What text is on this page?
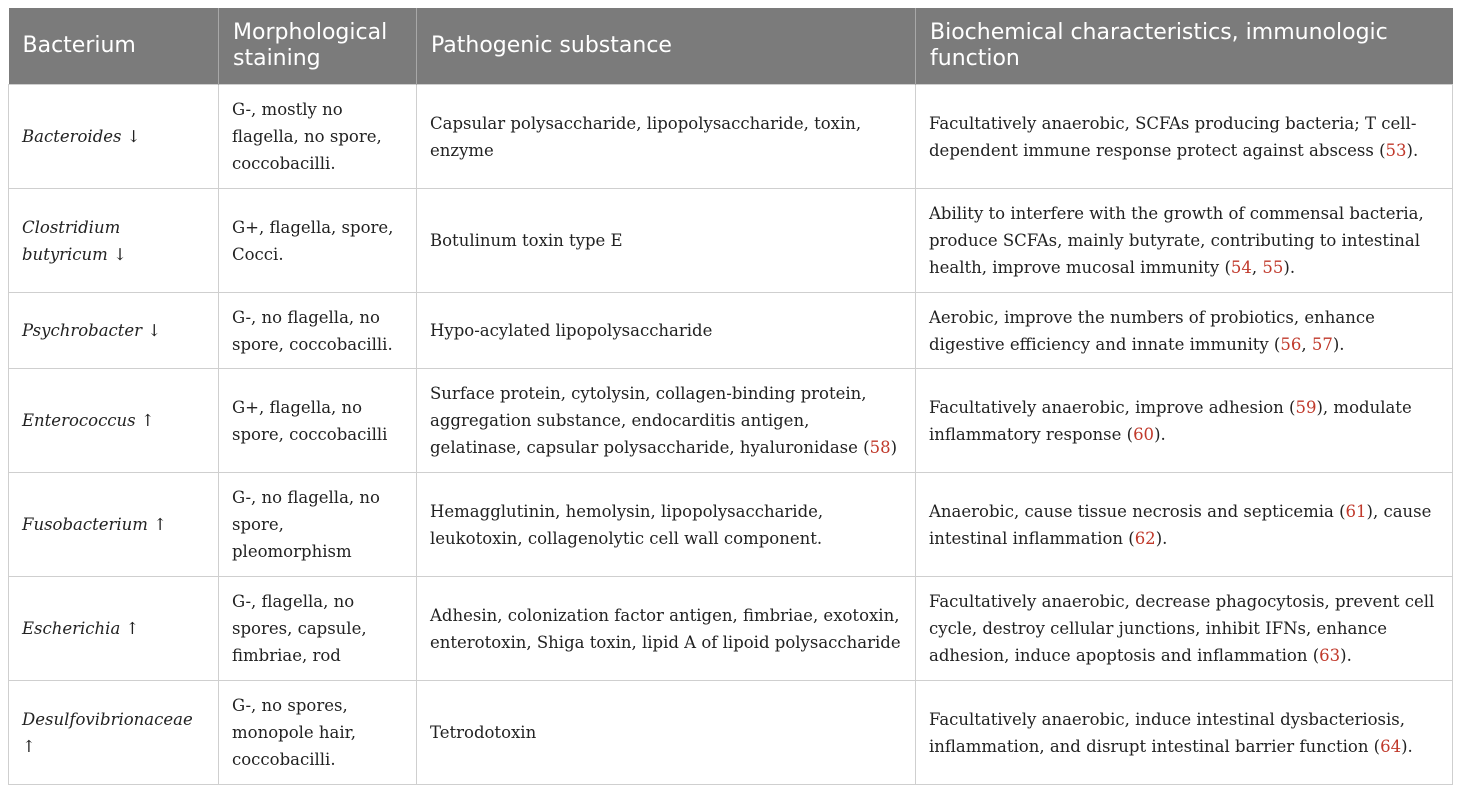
Bacterium	Morphological staining	Pathogenic substance	Biochemical characteristics, immunologic function
Bacteroides ↓	G-, mostly no flagella, no spore, coccobacilli.	Capsular polysaccharide, lipopolysaccharide, toxin, enzyme	Facultatively anaerobic, SCFAs producing bacteria; T cell-dependent immune response protect against abscess (53).
Clostridium butyricum ↓	G+, flagella, spore, Cocci.	Botulinum toxin type E	Ability to interfere with the growth of commensal bacteria, produce SCFAs, mainly butyrate, contributing to intestinal health, improve mucosal immunity (54, 55).
Psychrobacter ↓	G-, no flagella, no spore, coccobacilli.	Hypo-acylated lipopolysaccharide	Aerobic, improve the numbers of probiotics, enhance digestive efficiency and innate immunity (56, 57).
Enterococcus ↑	G+, flagella, no spore, coccobacilli	Surface protein, cytolysin, collagen-binding protein, aggregation substance, endocarditis antigen, gelatinase, capsular polysaccharide, hyaluronidase (58)	Facultatively anaerobic, improve adhesion (59), modulate inflammatory response (60).
Fusobacterium ↑	G-, no flagella, no spore, pleomorphism	Hemagglutinin, hemolysin, lipopolysaccharide, leukotoxin, collagenolytic cell wall component.	Anaerobic, cause tissue necrosis and septicemia (61), cause intestinal inflammation (62).
Escherichia ↑	G-, flagella, no spores, capsule, fimbriae, rod	Adhesin, colonization factor antigen, fimbriae, exotoxin, enterotoxin, Shiga toxin, lipid A of lipoid polysaccharide	Facultatively anaerobic, decrease phagocytosis, prevent cell cycle, destroy cellular junctions, inhibit IFNs, enhance adhesion, induce apoptosis and inflammation (63).
Desulfovibrionaceae ↑	G-, no spores, monopole hair, coccobacilli.	Tetrodotoxin	Facultatively anaerobic, induce intestinal dysbacteriosis, inflammation, and disrupt intestinal barrier function (64).
